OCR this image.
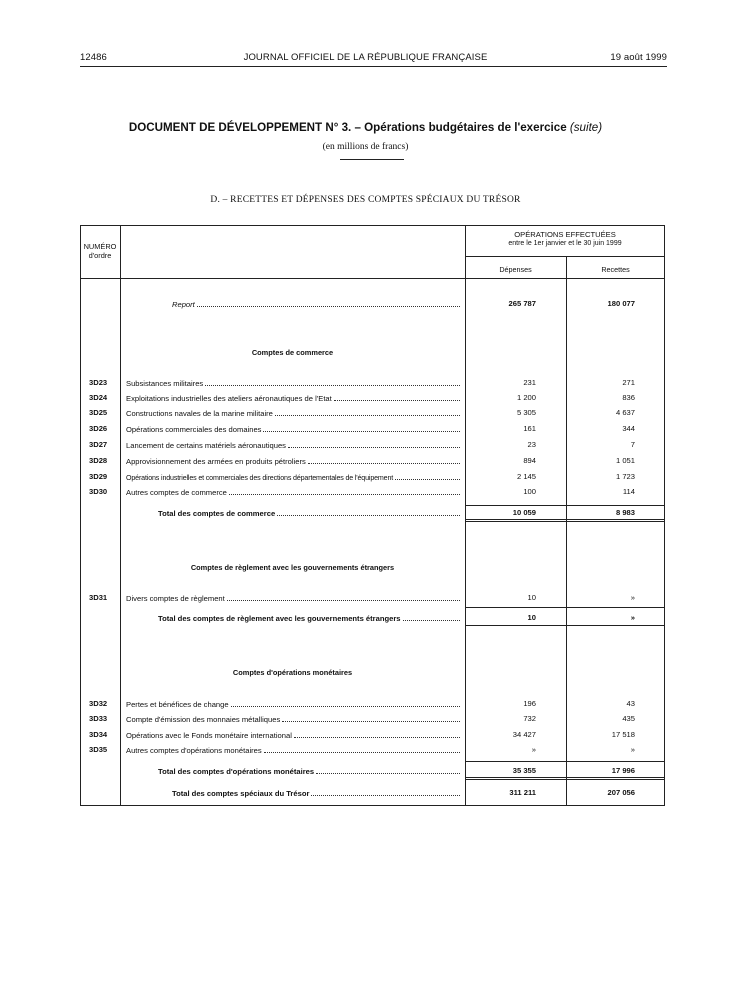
12486	JOURNAL OFFICIEL DE LA RÉPUBLIQUE FRANÇAISE	19 août 1999
DOCUMENT DE DÉVELOPPEMENT N° 3. – Opérations budgétaires de l'exercice (suite)
(en millions de francs)
D. – RECETTES ET DÉPENSES DES COMPTES SPÉCIAUX DU TRÉSOR
NUMÉRO
d'ordre
OPÉRATIONS EFFECTUÉES
entre le 1er janvier et le 30 juin 1999
Dépenses	Recettes
Report	265 787	180 077
Comptes de commerce
3D23 Subsistances militaires	231	271
3D24 Exploitations industrielles des ateliers aéronautiques de l'Etat	1 200	836
3D25 Constructions navales de la marine militaire	5 305	4 637
3D26 Opérations commerciales des domaines	161	344
3D27 Lancement de certains matériels aéronautiques	23	7
3D28 Approvisionnement des armées en produits pétroliers	894	1 051
3D29	Opérations industrielles et commerciales des directions départementales de l'équipement	2 145	1 723
3D30 Autres comptes de commerce	100	114
Total des comptes de commerce	10 059	8 983
Comptes de règlement avec les gouvernements étrangers
3D31 Divers comptes de règlement	10	»
Total des comptes de règlement avec les gouvernements étrangers	10	»
Comptes d'opérations monétaires
3D32 Pertes et bénéfices de change	196	43
3D33 Compte d'émission des monnaies métalliques	732	435
3D34 Opérations avec le Fonds monétaire international	34 427	17 518
3D35 Autres comptes d'opérations monétaires	»	»
Total des comptes d'opérations monétaires	35 355	17 996
Total des comptes spéciaux du Trésor	311 211	207 056
